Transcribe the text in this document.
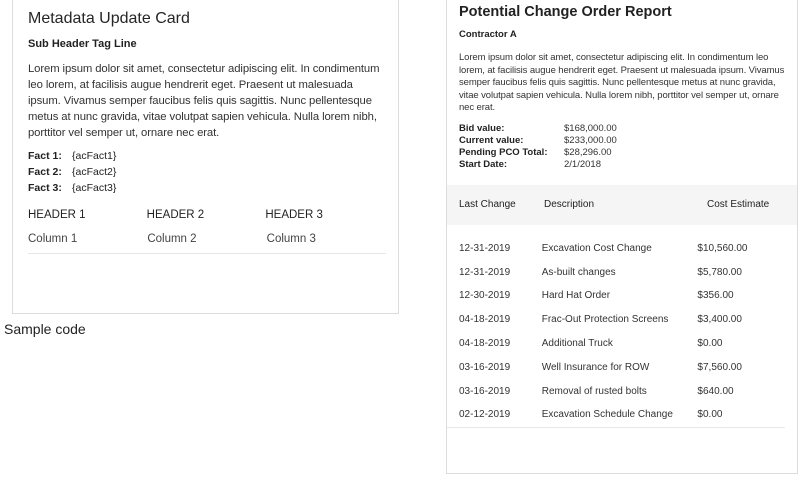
Metadata Update Card
Sub Header Tag Line
Lorem ipsum dolor sit amet, consectetur adipiscing elit. In condimentum leo lorem, at facilisis augue hendrerit eget. Praesent ut malesuada ipsum. Vivamus semper faucibus felis quis sagittis. Nunc pellentesque metus at nunc gravida, vitae volutpat sapien vehicula. Nulla lorem nibh, porttitor vel semper ut, ornare nec erat.
Fact 1: {acFact1}
Fact 2: {acFact2}
Fact 3: {acFact3}
HEADER 1	HEADER 2	HEADER 3
Column 1	Column 2	Column 3
Sample code
Potential Change Order Report
Contractor A
Lorem ipsum dolor sit amet, consectetur adipiscing elit. In condimentum leo lorem, at facilisis augue hendrerit eget. Praesent ut malesuada ipsum. Vivamus semper faucibus felis quis sagittis. Nunc pellentesque metus at nunc gravida, vitae volutpat sapien vehicula. Nulla lorem nibh, porttitor vel semper ut, ornare nec erat.
Bid value:	$168,000.00
Current value:	$233,000.00
Pending PCO Total:	$28,296.00
Start Date:	2/1/2018
Last Change	Description	Cost Estimate
12-31-2019	Excavation Cost Change	$10,560.00
12-31-2019	As-built changes	$5,780.00
12-30-2019	Hard Hat Order	$356.00
04-18-2019	Frac-Out Protection Screens	$3,400.00
04-18-2019	Additional Truck	$0.00
03-16-2019	Well Insurance for ROW	$7,560.00
03-16-2019	Removal of rusted bolts	$640.00
02-12-2019	Excavation Schedule Change	$0.00
